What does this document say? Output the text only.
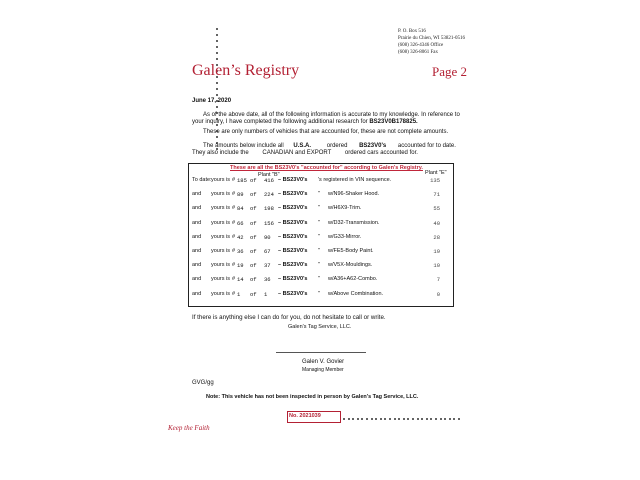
P. O. Box 516
Prairie du Chien, WI 53821-0516
(608) 326-4346 Office
(608) 326-8061 Fax
Galen’s Registry	Page 2
June 17, 2020
As of the above date, all of the following information is accurate to my knowledge. In reference to
your inquiry, I have completed the following additional research for BS23V0B178825.
These are only numbers of vehicles that are accounted for, these are not complete amounts.
The amounts below include all U.S.A.	ordered BS23V0's accounted for to date.
They also include the CANADIAN and EXPORT ordered cars accounted for.
These are all the BS23V0's "accounted for" according to Galen's Registry.
Plant "B"	Plant "E"
To date: yours is # 185 of 416 – BS23V0's 's registered in VIN sequence.	135
and yours is # 89 of 224 – BS23V0's " w/N96-Shaker Hood.	71
and yours is # 84 of 198 – BS23V0's " w/H6X9-Trim.	55
and yours is # 66 of 156 – BS23V0's " w/D32-Transmission.	40
and yours is # 42 of 90 – BS23V0's " w/G33-Mirror.	28
and yours is # 36 of 67 – BS23V0's " w/FE5-Body Paint.	19
and yours is # 19 of 37 – BS23V0's " w/V5X-Mouldings.	10
and yours is # 14 of 36 – BS23V0's " w/A36+A62-Combo.	7
and yours is # 1 of 1 – BS23V0's " w/Above Combination.	0
If there is anything else I can do for you, do not hesitate to call or write.
Galen's Tag Service, LLC.
Galen V. Govier
Managing Member
GVG/gg
Note: This vehicle has not been inspected in person by Galen's Tag Service, LLC.
No. 2021039
Keep the Faith
